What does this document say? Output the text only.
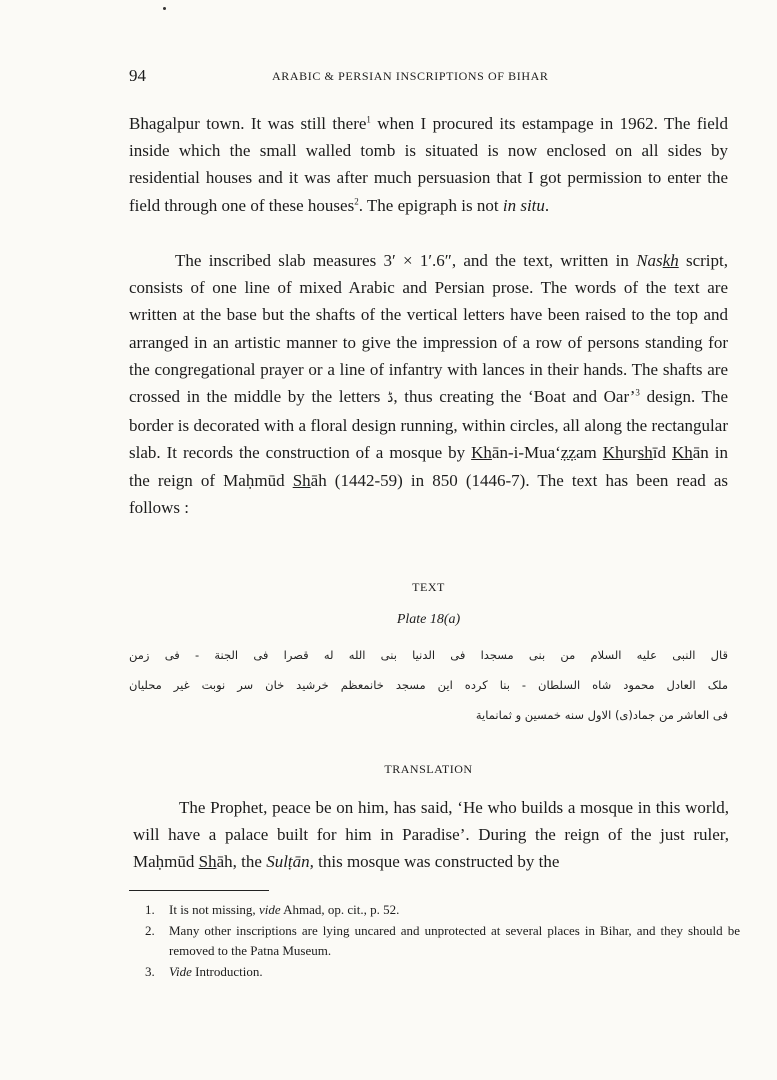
94	ARABIC & PERSIAN INSCRIPTIONS OF BIHAR

Bhagalpur town. It was still there$^1$ when I procured its estampage in 1962. The field inside which the small walled tomb is situated is now enclosed on all sides by residential houses and it was after much persuasion that I got permission to enter the field through one of these houses$^2$. The epigraph is not in situ.

The inscribed slab measures 3′ × 1′.6″, and the text, written in Naskh script, consists of one line of mixed Arabic and Persian prose. The words of the text are written at the base but the shafts of the vertical letters have been raised to the top and arranged in an artistic manner to give the impression of a row of persons standing for the congregational prayer or a line of infantry with lances in their hands. The shafts are crossed in the middle by the letters ڈ, thus creating the ‘Boat and Oar’$^3$ design. The border is decorated with a floral design running, within circles, all along the rectangular slab. It records the construction of a mosque by Khān-i-Mua‘ẓẓam Khurshīd Khān in the reign of Maḥmūd Shāh (1442-59) in 850 (1446-7). The text has been read as follows :

TEXT

Plate 18(a)

قال النبی علیه السلام من بنی مسجدا فی الدنیا بنی الله له قصرا فی الجنة - فی زمن
ملک العادل محمود شاه السلطان - بنا کرده این مسجد خانمعظم خرشید خان سر نوبت غیر محلیان
فی العاشر من جماد(ی) الاول سنه خمسین و ثمانمایة

TRANSLATION

The Prophet, peace be on him, has said, ‘He who builds a mosque in this world, will have a palace built for him in Paradise’. During the reign of the just ruler, Maḥmūd Shāh, the Sulṭān, this mosque was constructed by the

1. It is not missing, vide Ahmad, op. cit., p. 52.
2. Many other inscriptions are lying uncared and unprotected at several places in Bihar, and they should be removed to the Patna Museum.
3. Vide Introduction.
